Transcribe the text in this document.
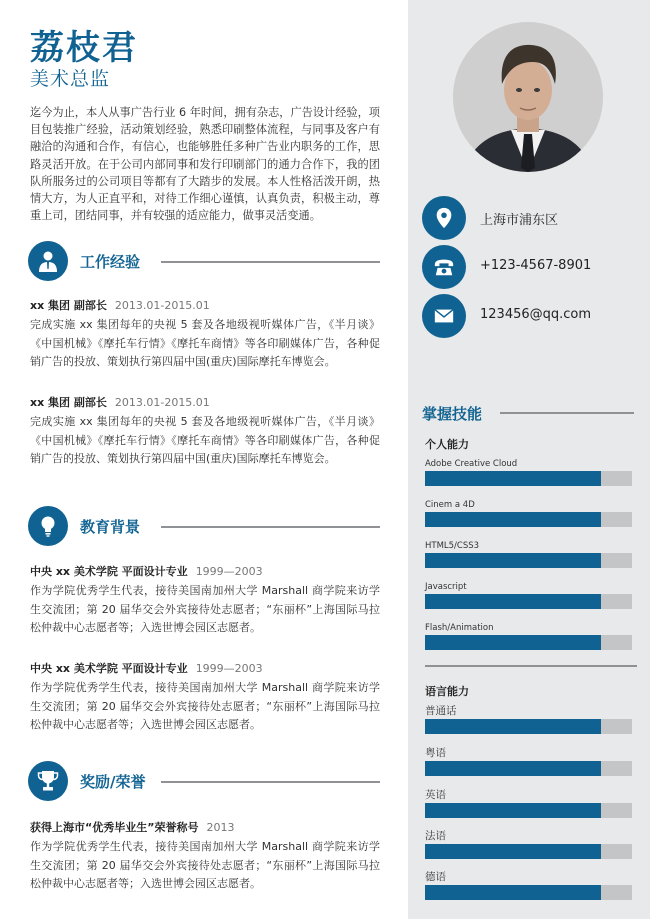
荔枝君
美术总监
迄今为止，本人从事广告行业 6 年时间，拥有杂志，广告设计经验，项目包装推广经验，活动策划经验，熟悉印刷整体流程，与同事及客户有融洽的沟通和合作，有信心，也能够胜任多种广告业内职务的工作，思路灵活开放。在于公司内部同事和发行印刷部门的通力合作下，我的团队所服务过的公司项目等都有了大踏步的发展。本人性格活泼开朗，热情大方，为人正直平和，对待工作细心谨慎，认真负责，积极主动，尊重上司，团结同事，并有较强的适应能力，做事灵活变通。
工作经验
xx 集团 副部长 2013.01-2015.01
完成实施 xx 集团每年的央视 5 套及各地级视听媒体广告，《半月谈》《中国机械》《摩托车行情》《摩托车商情》等各印刷媒体广告，各种促销广告的投放、策划执行第四届中国(重庆)国际摩托车博览会。
xx 集团 副部长 2013.01-2015.01
完成实施 xx 集团每年的央视 5 套及各地级视听媒体广告，《半月谈》《中国机械》《摩托车行情》《摩托车商情》等各印刷媒体广告，各种促销广告的投放、策划执行第四届中国(重庆)国际摩托车博览会。
教育背景
中央 xx 美术学院 平面设计专业 1999—2003
作为学院优秀学生代表，接待美国南加州大学 Marshall 商学院来访学生交流团；第 20 届华交会外宾接待处志愿者；“东丽杯”上海国际马拉松仲裁中心志愿者等；入选世博会园区志愿者。
中央 xx 美术学院 平面设计专业 1999—2003
作为学院优秀学生代表，接待美国南加州大学 Marshall 商学院来访学生交流团；第 20 届华交会外宾接待处志愿者；“东丽杯”上海国际马拉松仲裁中心志愿者等；入选世博会园区志愿者。
奖励/荣誉
获得上海市“优秀毕业生”荣誉称号 2013
作为学院优秀学生代表，接待美国南加州大学 Marshall 商学院来访学生交流团；第 20 届华交会外宾接待处志愿者；“东丽杯”上海国际马拉松仲裁中心志愿者等；入选世博会园区志愿者。
上海市浦东区
+123-4567-8901
123456@qq.com
掌握技能
个人能力
Adobe Creative Cloud
Cinem a 4D
HTML5/CSS3
Javascript
Flash/Animation
语言能力
普通话
粤语
英语
法语
德语
